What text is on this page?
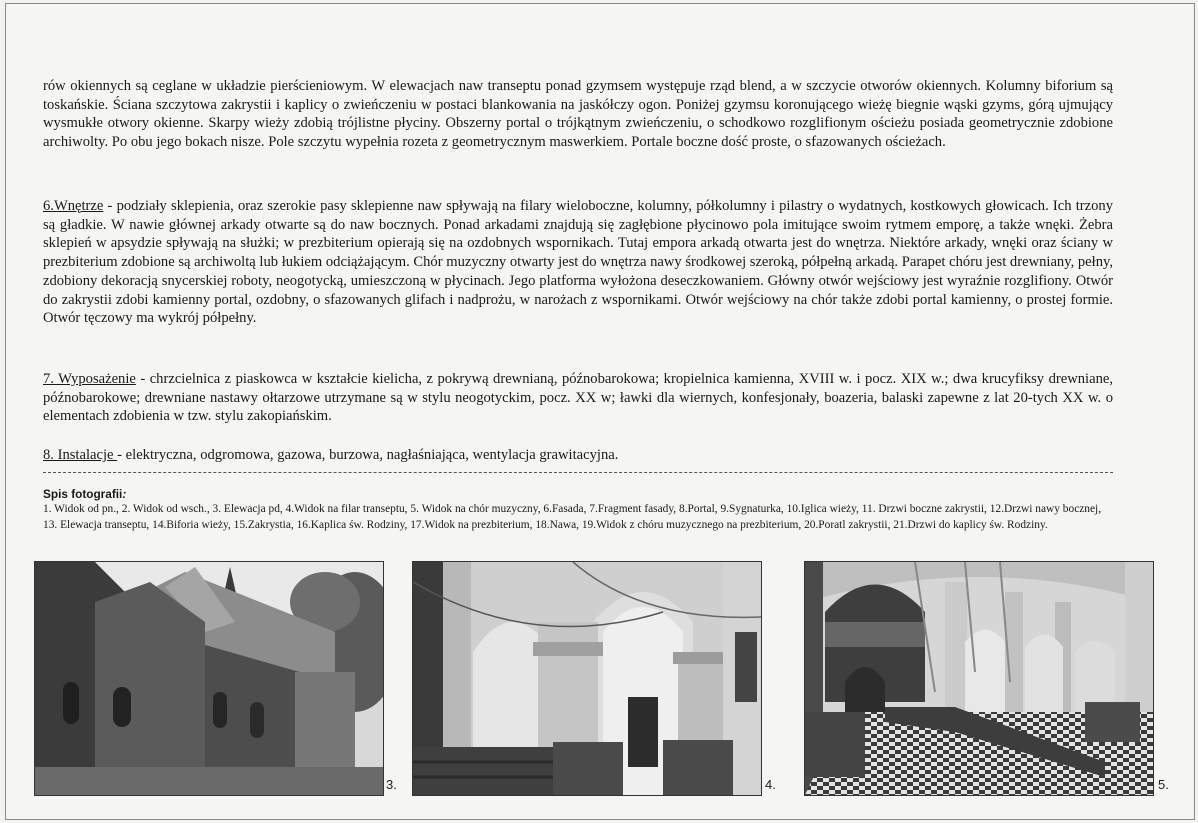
rów okiennych są ceglane w układzie pierścieniowym. W elewacjach naw transeptu ponad gzymsem występuje rząd blend, a w szczycie otworów okiennych. Kolumny biforium są toskańskie. Ściana szczytowa zakrystii i kaplicy o zwieńczeniu w postaci blankowania na jaskółczy ogon. Poniżej gzymsu koronującego wieżę biegnie wąski gzyms, górą ujmujący wysmukłe otwory okienne. Skarpy wieży zdobią trójlistne płyciny. Obszerny portal o trójkątnym zwieńczeniu, o schodkowo rozglifionym ościeżu posiada geometrycznie zdobione archiwolty. Po obu jego bokach nisze. Pole szczytu wypełnia rozeta z geometrycznym maswerkiem. Portale boczne dość proste, o sfazowanych ościeżach.

6.Wnętrze - podziały sklepienia, oraz szerokie pasy sklepienne naw spływają na filary wieloboczne, kolumny, półkolumny i pilastry o wydatnych, kostkowych głowicach. Ich trzony są gładkie. W nawie głównej arkady otwarte są do naw bocznych. Ponad arkadami znajdują się zagłębione płycinowo pola imitujące swoim rytmem emporę, a także wnęki. Żebra sklepień w apsydzie spływają na służki; w prezbiterium opierają się na ozdobnych wspornikach. Tutaj empora arkadą otwarta jest do wnętrza. Niektóre arkady, wnęki oraz ściany w prezbiterium zdobione są archiwoltą lub łukiem odciążającym. Chór muzyczny otwarty jest do wnętrza nawy środkowej szeroką, półpełną arkadą. Parapet chóru jest drewniany, pełny, zdobiony dekoracją snycerskiej roboty, neogotycką, umieszczoną w płycinach. Jego platforma wyłożona deseczkowaniem. Główny otwór wejściowy jest wyraźnie rozglifiony. Otwór do zakrystii zdobi kamienny portal, ozdobny, o sfazowanych glifach i nadprożu, w narożach z wspornikami. Otwór wejściowy na chór także zdobi portal kamienny, o prostej formie. Otwór tęczowy ma wykrój półpełny.

7. Wyposażenie - chrzcielnica z piaskowca w kształcie kielicha, z pokrywą drewnianą, późnobarokowa; kropielnica kamienna, XVIII w. i pocz. XIX w.; dwa krucyfiksy drewniane, późnobarokowe; drewniane nastawy ołtarzowe utrzymane są w stylu neogotyckim, pocz. XX w; ławki dla wiernych, konfesjonały, boazeria, balaski zapewne z lat 20-tych XX w. o elementach zdobienia w tzw. stylu zakopiańskim.

8. Instalacje - elektryczna, odgromowa, gazowa, burzowa, nagłaśniająca, wentylacja grawitacyjna.

Spis fotografii:
1. Widok od pn., 2. Widok od wsch., 3. Elewacja pd, 4.Widok na filar transeptu, 5. Widok na chór muzyczny, 6.Fasada, 7.Fragment fasady, 8.Portal, 9.Sygnaturka, 10.Iglica wieży, 11. Drzwi boczne zakrystii, 12.Drzwi nawy bocznej, 13. Elewacja transeptu, 14.Biforia wieży, 15.Zakrystia, 16.Kaplica św. Rodziny, 17.Widok na prezbiterium, 18.Nawa, 19.Widok z chóru muzycznego na prezbiterium, 20.Poratl zakrystii, 21.Drzwi do kaplicy św. Rodziny.
3.	4.	5.
